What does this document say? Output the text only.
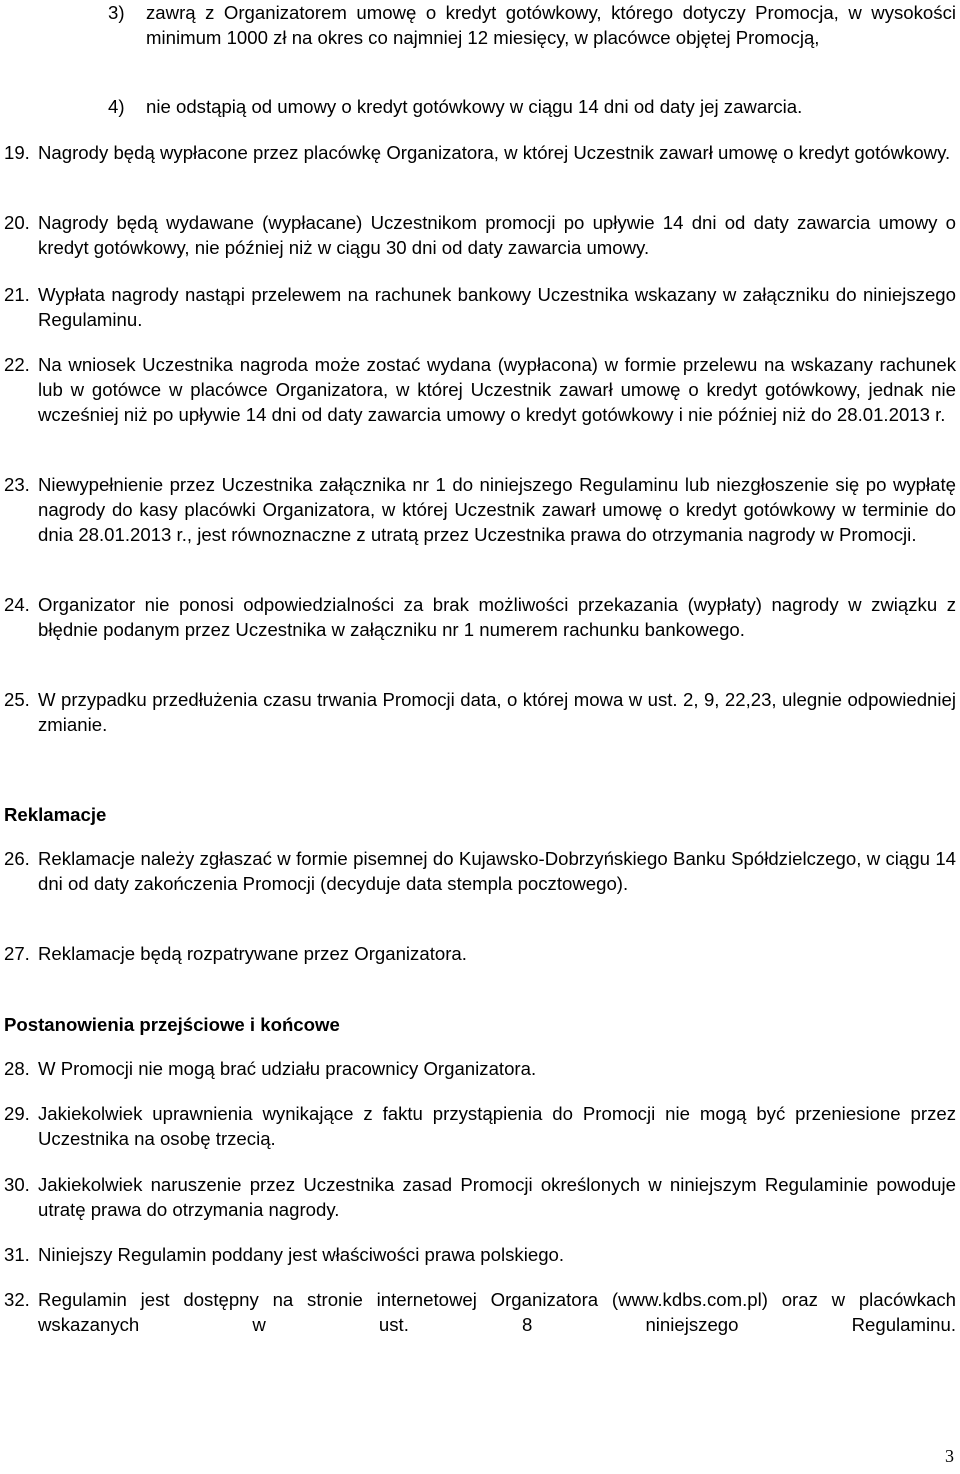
3) zawrą z Organizatorem umowę o kredyt gotówkowy, którego dotyczy Promocja, w wysokości minimum 1000 zł na okres co najmniej 12 miesięcy, w placówce objętej Promocją,
4) nie odstąpią od umowy o kredyt gotówkowy w ciągu 14 dni od daty jej zawarcia.
19. Nagrody będą wypłacone przez placówkę Organizatora, w której Uczestnik zawarł umowę o kredyt gotówkowy.
20. Nagrody będą wydawane (wypłacane) Uczestnikom promocji po upływie 14 dni od daty zawarcia umowy o kredyt gotówkowy, nie później niż w ciągu 30 dni od daty zawarcia umowy.
21. Wypłata nagrody nastąpi przelewem na rachunek bankowy Uczestnika wskazany w załączniku do niniejszego Regulaminu.
22. Na wniosek Uczestnika nagroda może zostać wydana (wypłacona) w formie przelewu na wskazany rachunek lub w gotówce w placówce Organizatora, w której Uczestnik zawarł umowę o kredyt gotówkowy, jednak nie wcześniej niż po upływie 14 dni od daty zawarcia umowy o kredyt gotówkowy i nie później niż do 28.01.2013 r.
23. Niewypełnienie przez Uczestnika załącznika nr 1 do niniejszego Regulaminu lub niezgłoszenie się po wypłatę nagrody do kasy placówki Organizatora, w której Uczestnik zawarł umowę o kredyt gotówkowy w terminie do dnia 28.01.2013 r., jest równoznaczne z utratą przez Uczestnika prawa do otrzymania nagrody w Promocji.
24. Organizator nie ponosi odpowiedzialności za brak możliwości przekazania (wypłaty) nagrody w związku z błędnie podanym przez Uczestnika w załączniku nr 1 numerem rachunku bankowego.
25. W przypadku przedłużenia czasu trwania Promocji data, o której mowa w ust. 2, 9, 22,23, ulegnie odpowiedniej zmianie.
Reklamacje
26. Reklamacje należy zgłaszać w formie pisemnej do Kujawsko-Dobrzyńskiego Banku Spółdzielczego, w ciągu 14 dni od daty zakończenia Promocji (decyduje data stempla pocztowego).
27. Reklamacje będą rozpatrywane przez Organizatora.
Postanowienia przejściowe i końcowe
28. W Promocji nie mogą brać udziału pracownicy Organizatora.
29. Jakiekolwiek uprawnienia wynikające z faktu przystąpienia do Promocji nie mogą być przeniesione przez Uczestnika na osobę trzecią.
30. Jakiekolwiek naruszenie przez Uczestnika zasad Promocji określonych w niniejszym Regulaminie powoduje utratę prawa do otrzymania nagrody.
31. Niniejszy Regulamin poddany jest właściwości prawa polskiego.
32. Regulamin jest dostępny na stronie internetowej Organizatora (www.kdbs.com.pl) oraz w placówkach wskazanych w ust. 8 niniejszego Regulaminu.
3
